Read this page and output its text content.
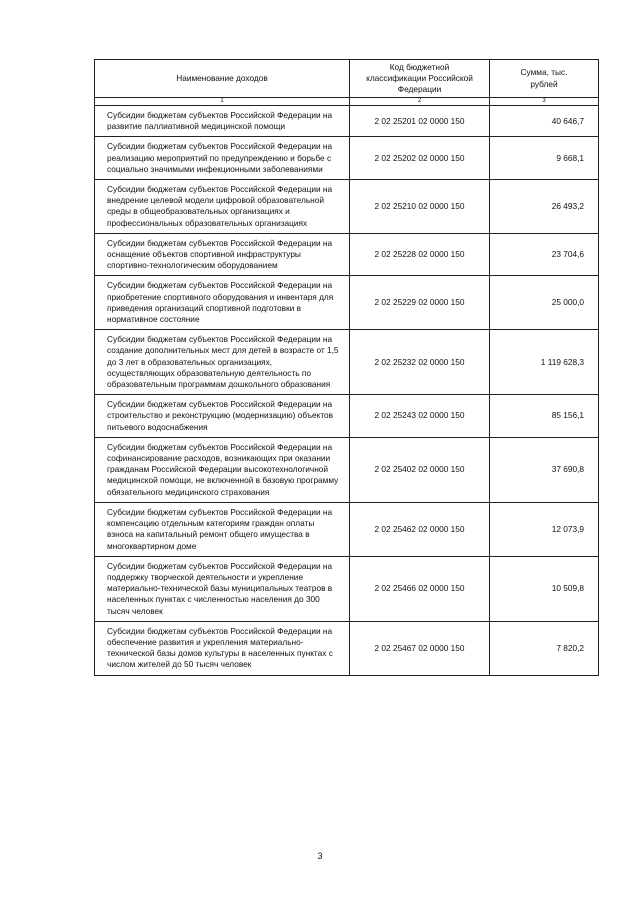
Наименование доходов	Код бюджетной классификации Российской Федерации	Сумма, тыс. рублей
1	2	3
Субсидии бюджетам субъектов Российской Федерации на развитие паллиативной медицинской помощи	2 02 25201 02 0000 150	40 646,7
Субсидии бюджетам субъектов Российской Федерации на реализацию мероприятий по предупреждению и борьбе с социально значимыми инфекционными заболеваниями	2 02 25202 02 0000 150	9 668,1
Субсидии бюджетам субъектов Российской Федерации на внедрение целевой модели цифровой образовательной среды в общеобразовательных организациях и профессиональных образовательных организациях	2 02 25210 02 0000 150	26 493,2
Субсидии бюджетам субъектов Российской Федерации на оснащение объектов спортивной инфраструктуры спортивно-технологическим оборудованием	2 02 25228 02 0000 150	23 704,6
Субсидии бюджетам субъектов Российской Федерации на приобретение спортивного оборудования и инвентаря для приведения организаций спортивной подготовки в нормативное состояние	2 02 25229 02 0000 150	25 000,0
Субсидии бюджетам субъектов Российской Федерации на создание дополнительных мест для детей в возрасте от 1,5 до 3 лет в образовательных организациях, осуществляющих образовательную деятельность по образовательным программам дошкольного образования	2 02 25232 02 0000 150	1 119 628,3
Субсидии бюджетам субъектов Российской Федерации на строительство и реконструкцию (модернизацию) объектов питьевого водоснабжения	2 02 25243 02 0000 150	85 156,1
Субсидии бюджетам субъектов Российской Федерации на софинансирование расходов, возникающих при оказании гражданам Российской Федерации высокотехнологичной медицинской помощи, не включенной в базовую программу обязательного медицинского страхования	2 02 25402 02 0000 150	37 690,8
Субсидии бюджетам субъектов Российской Федерации на компенсацию отдельным категориям граждан оплаты взноса на капитальный ремонт общего имущества в многоквартирном доме	2 02 25462 02 0000 150	12 073,9
Субсидии бюджетам субъектов Российской Федерации на поддержку творческой деятельности и укрепление материально-технической базы муниципальных театров в населенных пунктах с численностью населения до 300 тысяч человек	2 02 25466 02 0000 150	10 509,8
Субсидии бюджетам субъектов Российской Федерации на обеспечение развития и укрепления материально-технической базы домов культуры в населенных пунктах с числом жителей до 50 тысяч человек	2 02 25467 02 0000 150	7 820,2
3
